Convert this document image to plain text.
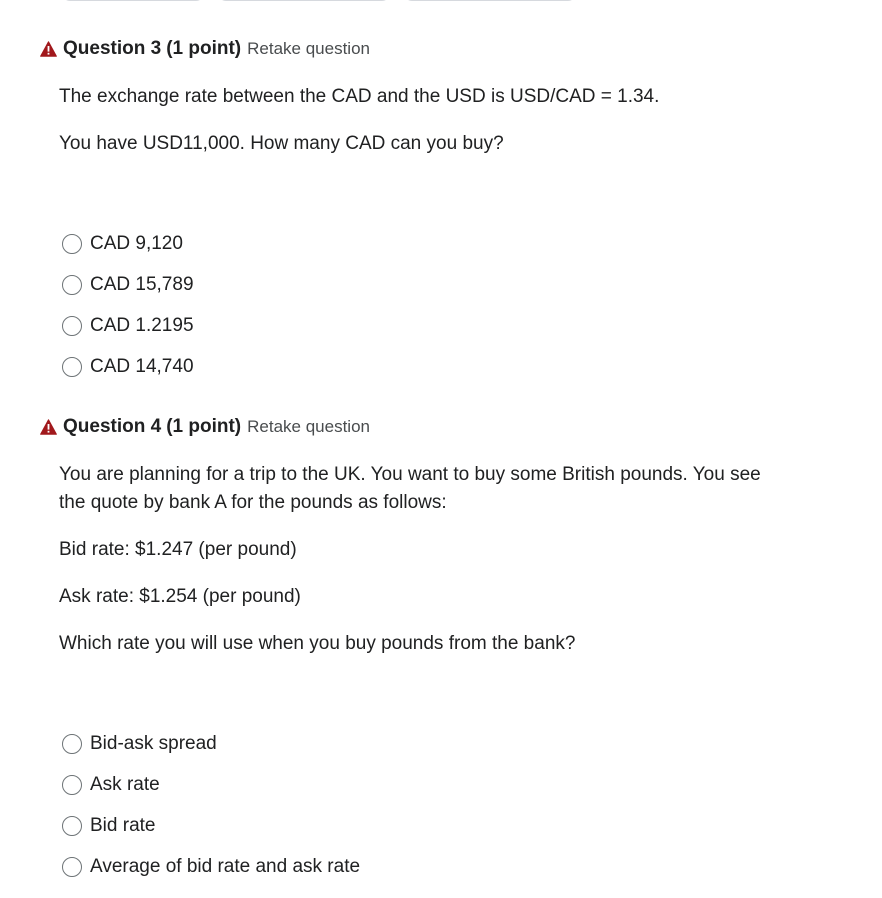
Question 3 (1 point) Retake question
The exchange rate between the CAD and the USD is USD/CAD = 1.34.
You have USD11,000. How many CAD can you buy?
CAD 9,120
CAD 15,789
CAD 1.2195
CAD 14,740
Question 4 (1 point) Retake question
You are planning for a trip to the UK. You want to buy some British pounds. You see the quote by bank A for the pounds as follows:
Bid rate: $1.247 (per pound)
Ask rate: $1.254 (per pound)
Which rate you will use when you buy pounds from the bank?
Bid-ask spread
Ask rate
Bid rate
Average of bid rate and ask rate
